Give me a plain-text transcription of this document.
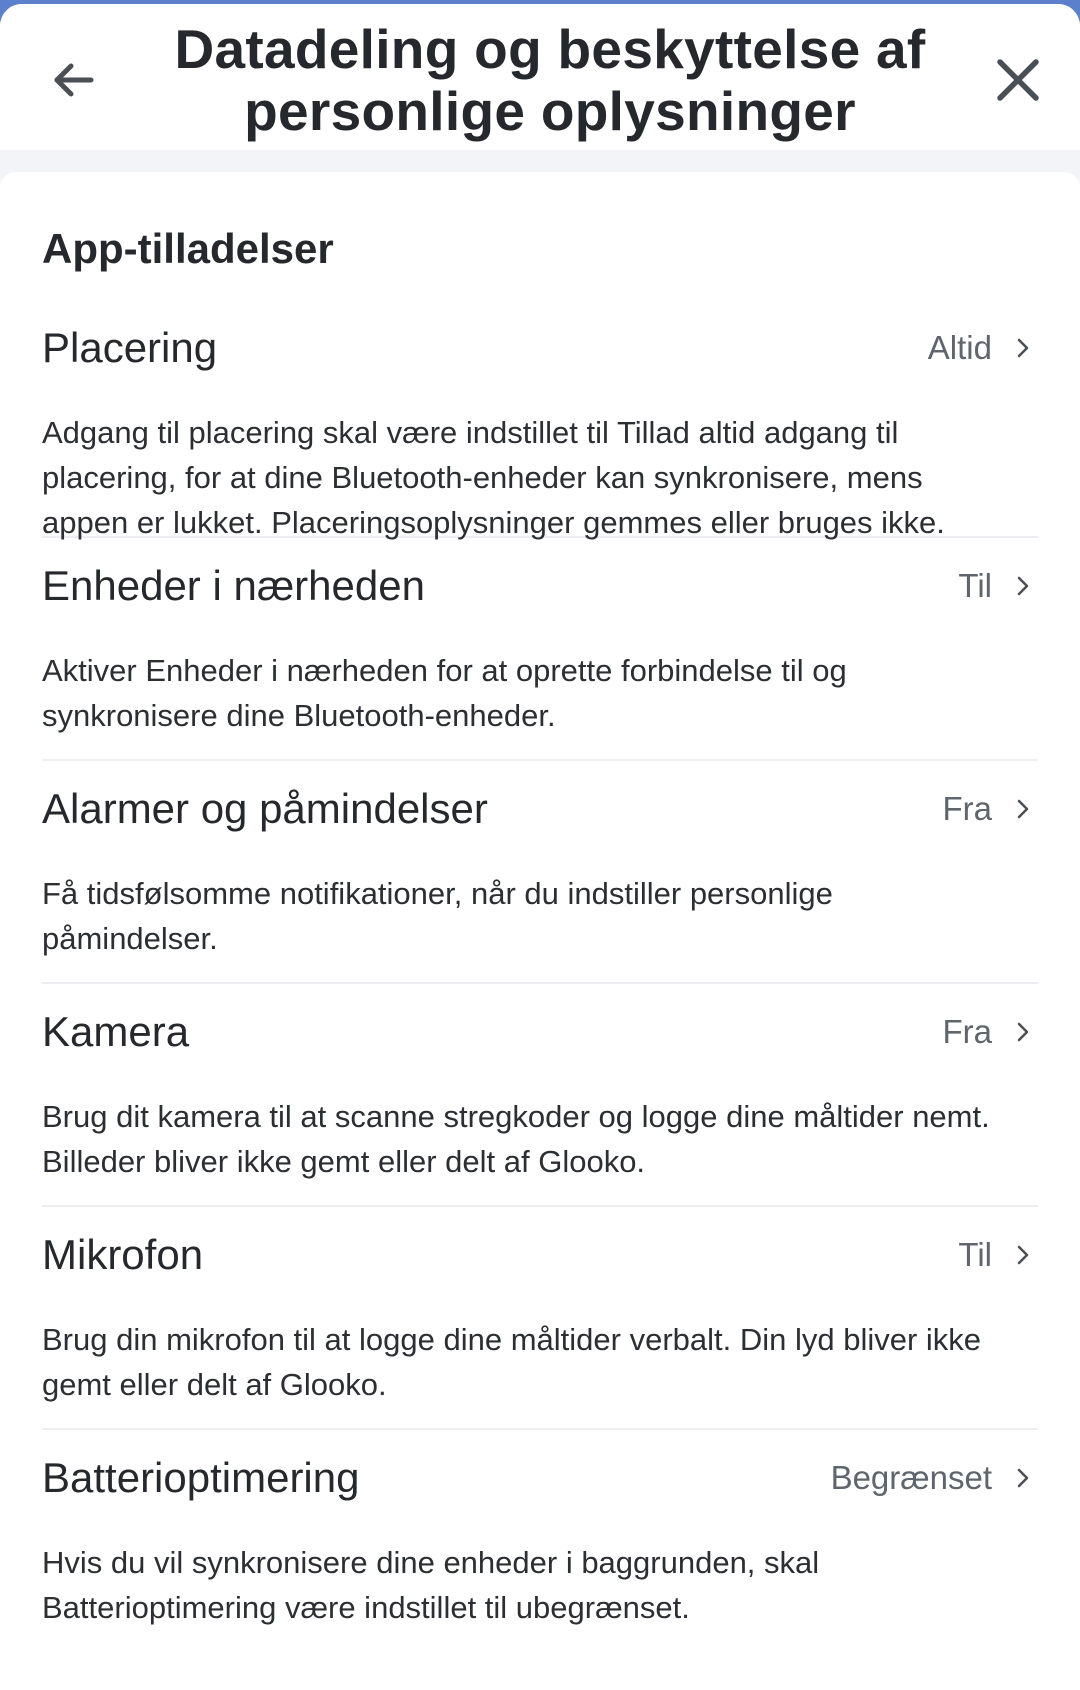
Datadeling og beskyttelse af personlige oplysninger
App-tilladelser
Placering	Altid

Adgang til placering skal være indstillet til Tillad altid adgang til placering, for at dine Bluetooth-enheder kan synkronisere, mens appen er lukket. Placeringsoplysninger gemmes eller bruges ikke.

Enheder i nærheden	Til

Aktiver Enheder i nærheden for at oprette forbindelse til og synkronisere dine Bluetooth-enheder.

Alarmer og påmindelser	Fra

Få tidsfølsomme notifikationer, når du indstiller personlige påmindelser.

Kamera	Fra

Brug dit kamera til at scanne stregkoder og logge dine måltider nemt. Billeder bliver ikke gemt eller delt af Glooko.

Mikrofon	Til

Brug din mikrofon til at logge dine måltider verbalt. Din lyd bliver ikke gemt eller delt af Glooko.

Batterioptimering	Begrænset

Hvis du vil synkronisere dine enheder i baggrunden, skal Batterioptimering være indstillet til ubegrænset.
